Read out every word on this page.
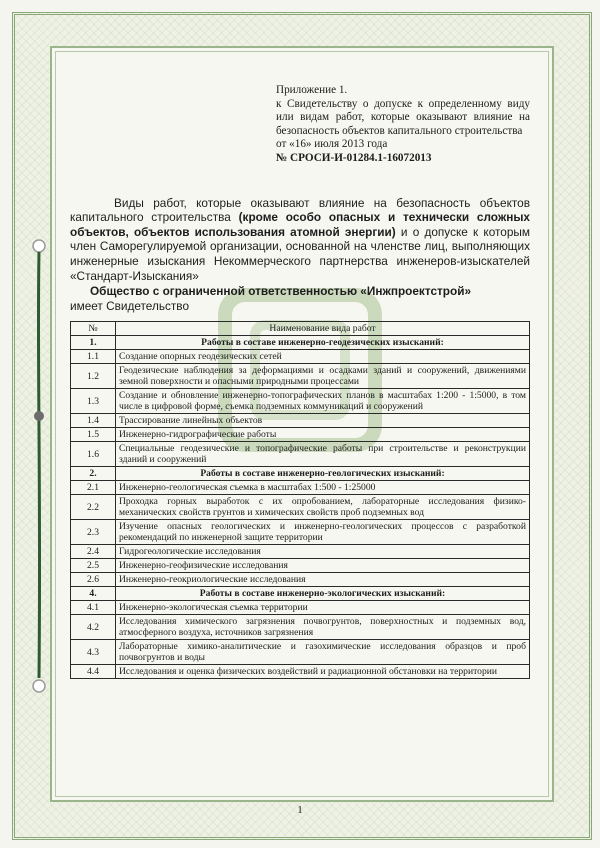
Приложение 1.
к Свидетельству о допуске к определенному виду или видам работ, которые оказывают влияние на безопасность объектов капитального строительства
от «16» июля 2013 года
№ СРОСИ-И-01284.1-16072013
Виды работ, которые оказывают влияние на безопасность объектов капитального строительства (кроме особо опасных и технически сложных объектов, объектов использования атомной энергии) и о допуске к которым член Саморегулируемой организации, основанной на членстве лиц, выполняющих инженерные изыскания Некоммерческого партнерства инженеров-изыскателей «Стандарт-Изыскания»
Общество с ограниченной ответственностью «Инжпроектстрой»
имеет Свидетельство
№	Наименование вида работ
1.	Работы в составе инженерно-геодезических изысканий:
1.1	Создание опорных геодезических сетей
1.2	Геодезические наблюдения за деформациями и осадками зданий и сооружений, движениями земной поверхности и опасными природными процессами
1.3	Создание и обновление инженерно-топографических планов в масштабах 1:200 - 1:5000, в том числе в цифровой форме, съемка подземных коммуникаций и сооружений
1.4	Трассирование линейных объектов
1.5	Инженерно-гидрографические работы
1.6	Специальные геодезические и топографические работы при строительстве и реконструкции зданий и сооружений
2.	Работы в составе инженерно-геологических изысканий:
2.1	Инженерно-геологическая съемка в масштабах 1:500 - 1:25000
2.2	Проходка горных выработок с их опробованием, лабораторные исследования физико-механических свойств грунтов и химических свойств проб подземных вод
2.3	Изучение опасных геологических и инженерно-геологических процессов с разработкой рекомендаций по инженерной защите территории
2.4	Гидрогеологические исследования
2.5	Инженерно-геофизические исследования
2.6	Инженерно-геокриологические исследования
4.	Работы в составе инженерно-экологических изысканий:
4.1	Инженерно-экологическая съемка территории
4.2	Исследования химического загрязнения почвогрунтов, поверхностных и подземных вод, атмосферного воздуха, источников загрязнения
4.3	Лабораторные химико-аналитические и газохимические исследования образцов и проб почвогрунтов и воды
4.4	Исследования и оценка физических воздействий и радиационной обстановки на территории
1
